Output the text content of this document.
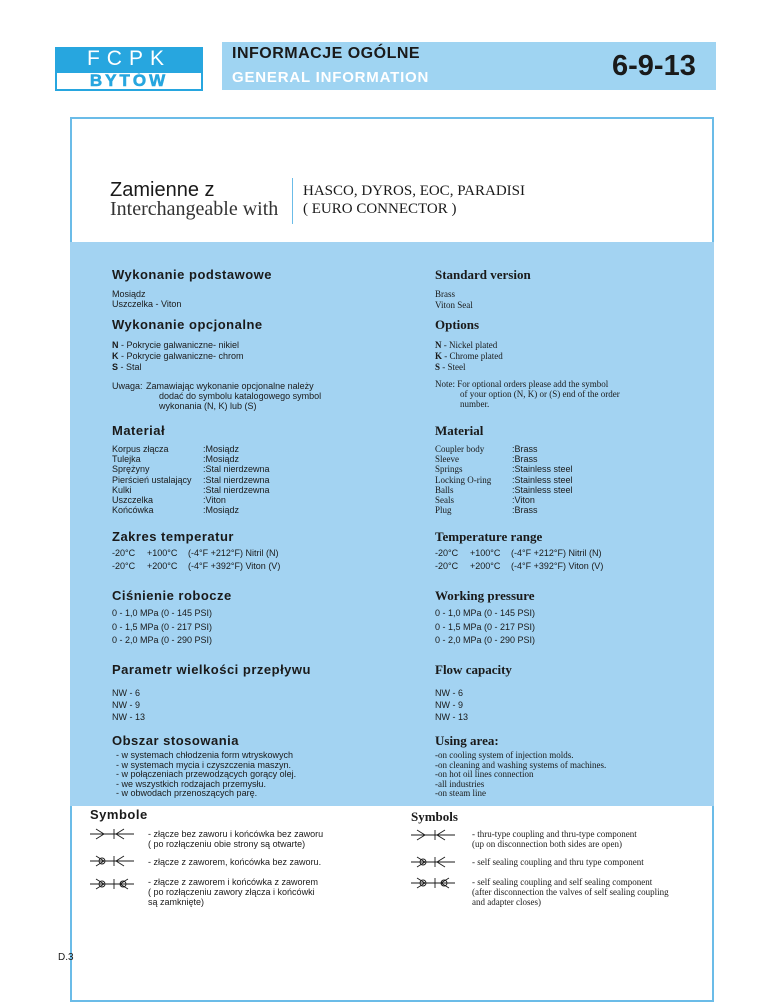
FCPK
BYTÓW
INFORMACJE OGÓLNE
GENERAL INFORMATION	6-9-13
Zamienne z
Interchangeable with
HASCO, DYROS, EOC, PARADISI
( EURO CONNECTOR )
Wykonanie podstawowe	Standard version
Mosiądz
Uszczelka - Viton
Brass
Viton Seal
Wykonanie opcjonalne	Options
N - Pokrycie galwaniczne- nikiel
K - Pokrycie galwaniczne- chrom
S - Stal
N - Nickel plated
K - Chrome plated
S - Steel
Uwaga: Zamawiając wykonanie opcjonalne należy
dodać do symbolu katalogowego symbol
wykonania (N, K) lub (S)
Note: For optional orders please add the symbol
of your option (N, K) or (S) end of the order
number.
Materiał	Material
Korpus złącza	:Mosiądz
Tulejka	:Mosiądz
Sprężyny	:Stal nierdzewna
Pierścień ustalający :Stal nierdzewna
Kulki	:Stal nierdzewna
Uszczelka	:Viton
Końcówka	:Mosiądz
Coupler body	:Brass
Sleeve	:Brass
Springs	:Stainless steel
Locking O-ring :Stainless steel
Balls	:Stainless steel
Seals	:Viton
Plug	:Brass
Zakres temperatur	Temperature range
-20°C +100°C (-4°F +212°F) Nitril (N)
-20°C +200°C (-4°F +392°F) Viton (V)
-20°C +100°C (-4°F +212°F) Nitril (N)
-20°C +200°C (-4°F +392°F) Viton (V)
Ciśnienie robocze	Working pressure
0 - 1,0 MPa (0 - 145 PSI)
0 - 1,5 MPa (0 - 217 PSI)
0 - 2,0 MPa (0 - 290 PSI)
0 - 1,0 MPa (0 - 145 PSI)
0 - 1,5 MPa (0 - 217 PSI)
0 - 2,0 MPa (0 - 290 PSI)
Parametr wielkości przepływu	Flow capacity
NW - 6
NW - 9
NW - 13
NW - 6
NW - 9
NW - 13
Obszar stosowania	Using area:
- w systemach chłodzenia form wtryskowych
- w systemach mycia i czyszczenia maszyn.
- w połączeniach przewodzących gorący olej.
- we wszystkich rodzajach przemysłu.
- w obwodach przenoszących parę.
-on cooling system of injection molds.
-on cleaning and washing systems of machines.
-on hot oil lines connection
-all industries
-on steam line
Symbole	Symbols
- złącze bez zaworu i końcówka bez zaworu
( po rozłączeniu obie strony są otwarte)
- złącze z zaworem, końcówka bez zaworu.
- złącze z zaworem i końcówka z zaworem
( po rozłączeniu zawory złącza i końcówki
są zamknięte)
- thru-type coupling and thru-type component
(up on disconnection both sides are open)
- self sealing coupling and thru type component
- self sealing coupling and self sealing component
(after disconnection the valves of self sealing coupling
and adapter closes)
D.3
